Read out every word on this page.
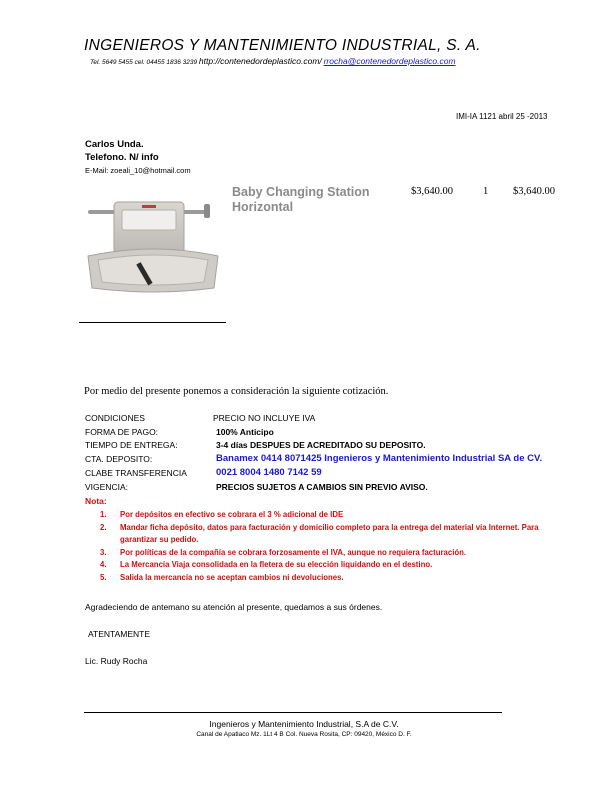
INGENIEROS Y MANTENIMIENTO INDUSTRIAL, S. A.
Tel. 5649 5455 cel. 04455 1836 3239 http://contenedordeplastico.com/ rrocha@contenedordeplastico.com
IMI-IA 1121 abril 25 -2013
Carlos Unda.
Telefono. N/ info
E-Mail: zoeali_10@hotmail.com
Baby Changing Station Horizontal
$3,640.00	1 $3,640.00
Por medio del presente ponemos a consideración la siguiente cotización.
CONDICIONES	PRECIO NO INCLUYE IVA
FORMA DE PAGO:	100% Anticipo
TIEMPO DE ENTREGA:	3-4 días DESPUES DE ACREDITADO SU DEPOSITO.
CTA. DEPOSITO:	Banamex 0414 8071425 Ingenieros y Mantenimiento Industrial SA de CV.
CLABE TRANSFERENCIA	0021 8004 1480 7142 59
VIGENCIA:	PRECIOS SUJETOS A CAMBIOS SIN PREVIO AVISO.
Nota:
1. Por depósitos en efectivo se cobrara el 3 % adicional de IDE
2. Mandar ficha depósito, datos para facturación y domicilio completo para la entrega del material vía Internet. Para garantizar su pedido.
3. Por políticas de la compañía se cobrara forzosamente el IVA, aunque no requiera facturación.
4. La Mercancía Viaja consolidada en la fletera de su elección liquidando en el destino.
5. Salida la mercancía no se aceptan cambios ni devoluciones.
Agradeciendo de antemano su atención al presente, quedamos a sus órdenes.
ATENTAMENTE
Lic. Rudy Rocha
Ingenieros y Mantenimiento Industrial, S.A de C.V.
Canal de Apatlaco Mz. 1Lt 4 B Col. Nueva Rosita, CP: 09420, México D. F.
